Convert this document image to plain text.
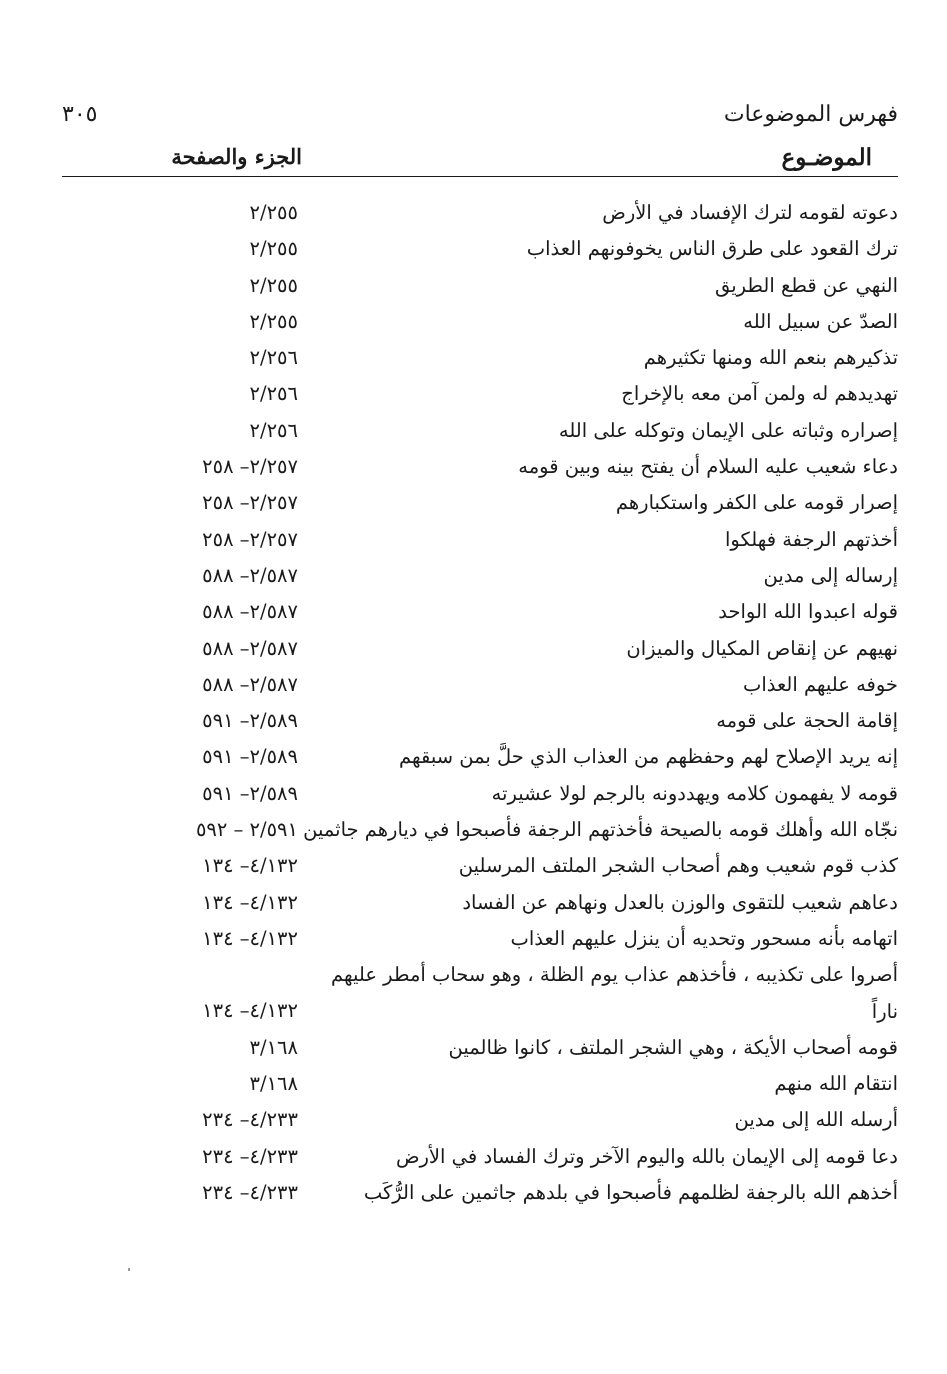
فهرس الموضوعات
٣٠٥
الموضـوع
الجزء والصفحة
دعوته لقومه لترك الإفساد في الأرض
٢/٢٥٥
ترك القعود على طرق الناس يخوفونهم العذاب
٢/٢٥٥
النهي عن قطع الطريق
٢/٢٥٥
الصدّ عن سبيل الله
٢/٢٥٥
تذكيرهم بنعم الله ومنها تكثيرهم
٢/٢٥٦
تهديدهم له ولمن آمن معه بالإخراج
٢/٢٥٦
إصراره وثباته على الإيمان وتوكله على الله
٢/٢٥٦
دعاء شعيب عليه السلام أن يفتح بينه وبين قومه
٢/٢٥٧– ٢٥٨
إصرار قومه على الكفر واستكبارهم
٢/٢٥٧– ٢٥٨
أخذتهم الرجفة فهلكوا
٢/٢٥٧– ٢٥٨
إرساله إلى مدين
٢/٥٨٧– ٥٨٨
قوله اعبدوا الله الواحد
٢/٥٨٧– ٥٨٨
نهيهم عن إنقاص المكيال والميزان
٢/٥٨٧– ٥٨٨
خوفه عليهم العذاب
٢/٥٨٧– ٥٨٨
إقامة الحجة على قومه
٢/٥٨٩– ٥٩١
إنه يريد الإصلاح لهم وحفظهم من العذاب الذي حلَّ بمن سبقهم
٢/٥٨٩– ٥٩١
قومه لا يفهمون كلامه ويهددونه بالرجم لولا عشيرته
٢/٥٨٩– ٥٩١
نجّاه الله وأهلك قومه بالصيحة فأخذتهم الرجفة فأصبحوا في ديارهم جاثمين
٢/٥٩١ – ٥٩٢
كذب قوم شعيب وهم أصحاب الشجر الملتف المرسلين
٤/١٣٢– ١٣٤
دعاهم شعيب للتقوى والوزن بالعدل ونهاهم عن الفساد
٤/١٣٢– ١٣٤
اتهامه بأنه مسحور وتحديه أن ينزل عليهم العذاب
٤/١٣٢– ١٣٤
أصروا على تكذيبه ، فأخذهم عذاب يوم الظلة ، وهو سحاب أمطر عليهم ناراً
٤/١٣٢– ١٣٤
قومه أصحاب الأيكة ، وهي الشجر الملتف ، كانوا ظالمين
٣/١٦٨
انتقام الله منهم
٣/١٦٨
أرسله الله إلى مدين
٤/٢٣٣– ٢٣٤
دعا قومه إلى الإيمان بالله واليوم الآخر وترك الفساد في الأرض
٤/٢٣٣– ٢٣٤
أخذهم الله بالرجفة لظلمهم فأصبحوا في بلدهم جاثمين على الرُّكَب
٤/٢٣٣– ٢٣٤
